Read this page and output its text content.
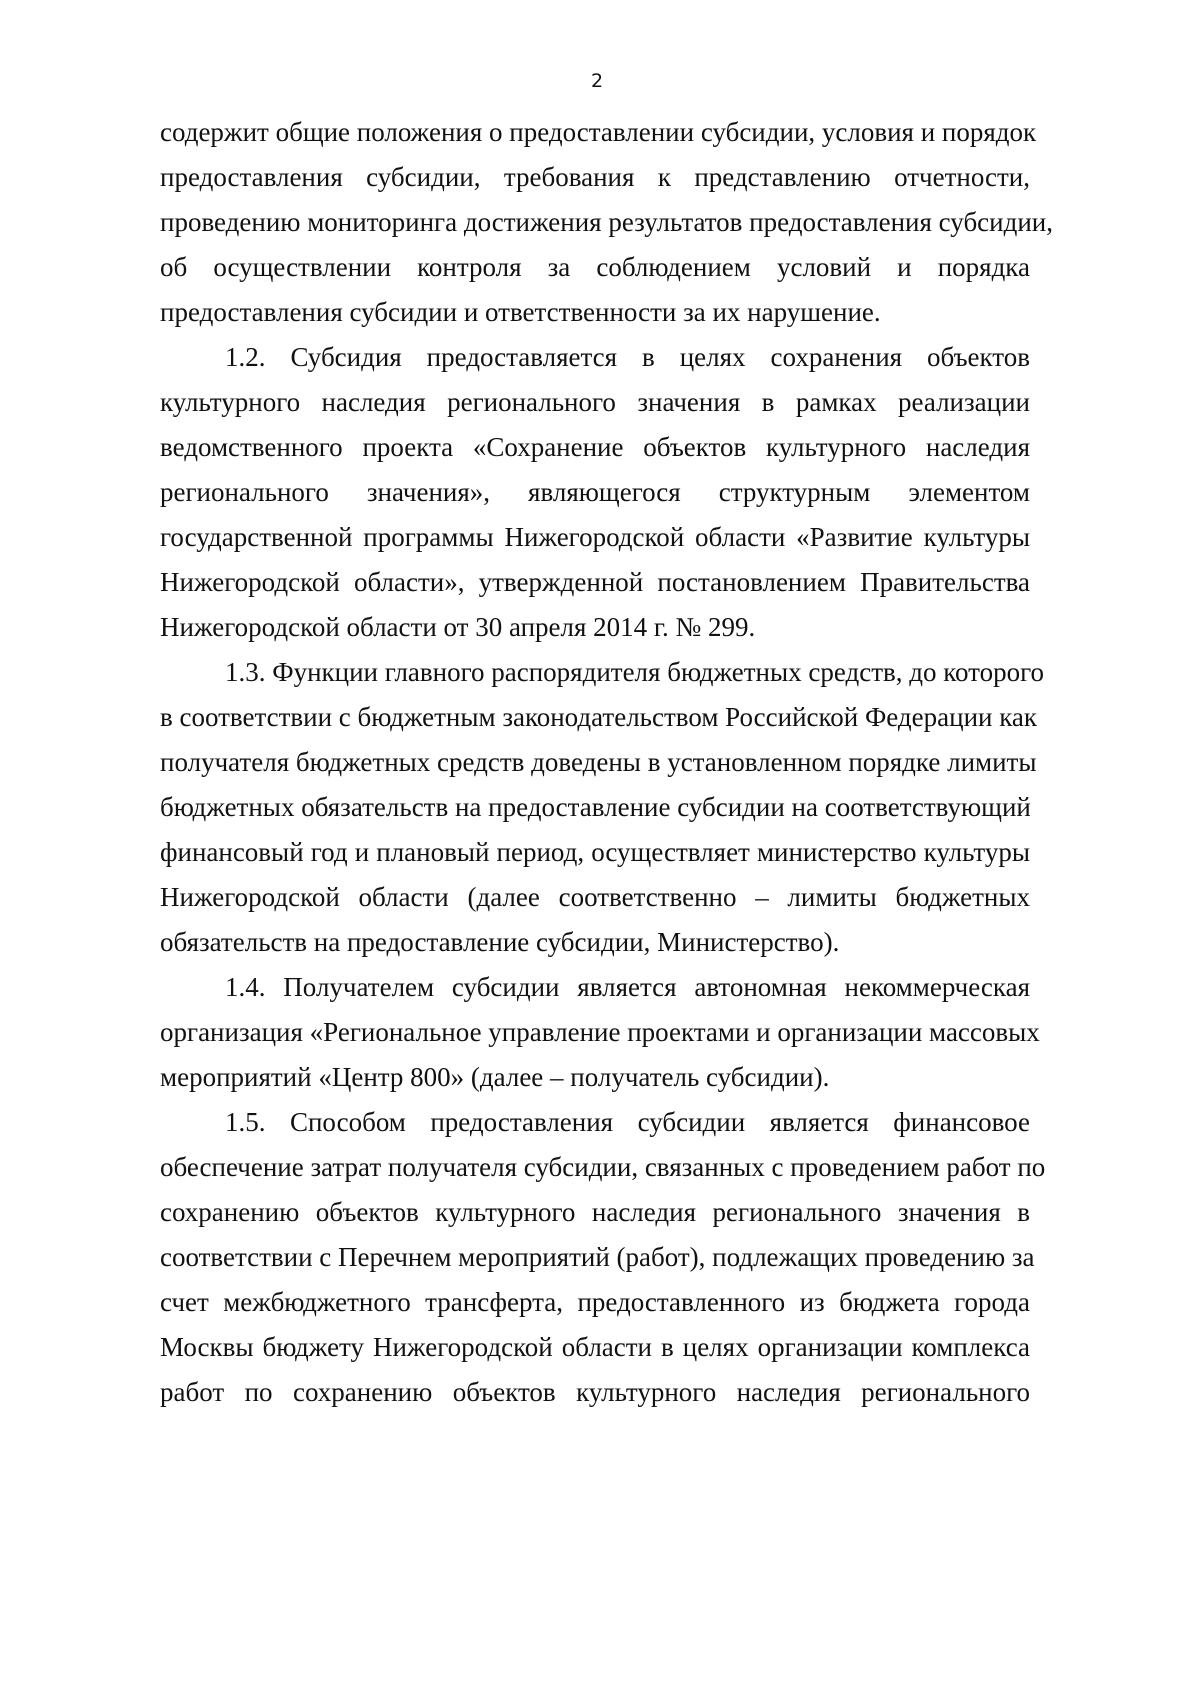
2
содержит общие положения о предоставлении субсидии, условия и порядок
предоставления субсидии, требования к представлению отчетности,
проведению мониторинга достижения результатов предоставления субсидии,
об осуществлении контроля за соблюдением условий и порядка
предоставления субсидии и ответственности за их нарушение.
1.2. Субсидия предоставляется в целях сохранения объектов
культурного наследия регионального значения в рамках реализации
ведомственного проекта «Сохранение объектов культурного наследия
регионального значения», являющегося структурным элементом
государственной программы Нижегородской области «Развитие культуры
Нижегородской области», утвержденной постановлением Правительства
Нижегородской области от 30 апреля 2014 г. № 299.
1.3. Функции главного распорядителя бюджетных средств, до которого
в соответствии с бюджетным законодательством Российской Федерации как
получателя бюджетных средств доведены в установленном порядке лимиты
бюджетных обязательств на предоставление субсидии на соответствующий
финансовый год и плановый период, осуществляет министерство культуры
Нижегородской области (далее соответственно – лимиты бюджетных
обязательств на предоставление субсидии, Министерство).
1.4. Получателем субсидии является автономная некоммерческая
организация «Региональное управление проектами и организации массовых
мероприятий «Центр 800» (далее – получатель субсидии).
1.5. Способом предоставления субсидии является финансовое
обеспечение затрат получателя субсидии, связанных с проведением работ по
сохранению объектов культурного наследия регионального значения в
соответствии с Перечнем мероприятий (работ), подлежащих проведению за
счет межбюджетного трансферта, предоставленного из бюджета города
Москвы бюджету Нижегородской области в целях организации комплекса
работ по сохранению объектов культурного наследия регионального
